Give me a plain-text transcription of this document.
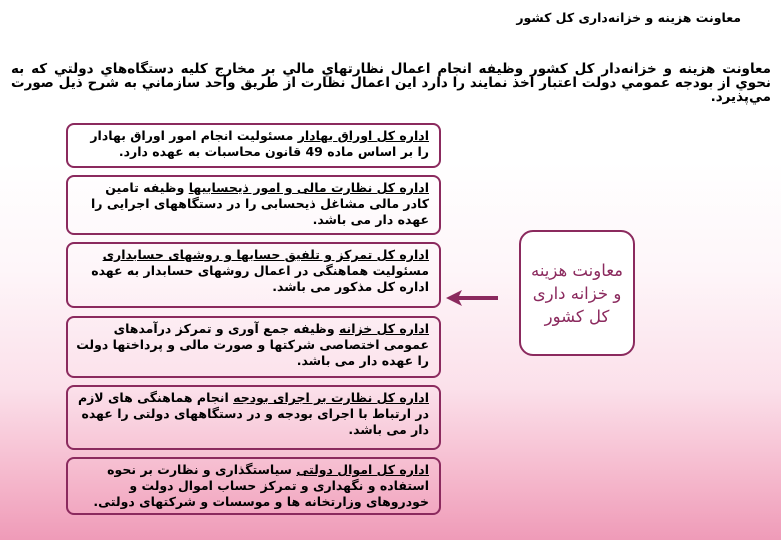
معاونت هزينه و خزانه‌داری کل کشور
معاونت هزينه و خزانه‌دار کل کشور وظيفه انجام اعمال نظارتهاي مالي بر مخارج کليه دستگاه‌هاي دولتي که به نحوي از بودجه عمومي دولت اعتبار اخذ نمايند را دارد اين اعمال نظارت از طريق واحد سازماني به شرح ذيل صورت مي‌پذيرد.
اداره کل اوراق بهادار مسئولیت انجام امور اوراق بهادار را بر اساس ماده 49 قانون محاسبات به عهده دارد.
اداره کل نظارت مالی و امور ذیحسابیها وظیفه تامین کادر مالی مشاغل ذیحسابی را در دستگاههای اجرایی را عهده دار می باشد.
اداره کل تمرکز و تلفیق حسابها و روشهای حسابداری مسئولیت هماهنگی در اعمال روشهای حسابدار به عهده اداره کل مذکور می باشد.
اداره کل خزانه وظیفه جمع آوری و تمرکز درآمدهای عمومی اختصاصی شرکتها و صورت مالی و پرداختها دولت را عهده دار می باشد.
اداره کل نظارت بر اجرای بودجه انجام هماهنگی های لازم در ارتباط با اجرای بودجه و در دستگاههای دولتی را عهده دار می باشد.
اداره کل اموال دولتی سیاستگذاری و نظارت بر نحوه استفاده و نگهداری و تمرکز حساب اموال دولت و خودروهای وزارتخانه ها و موسسات و شرکتهای دولتی.
معاونت هزینه و خزانه داری کل کشور
